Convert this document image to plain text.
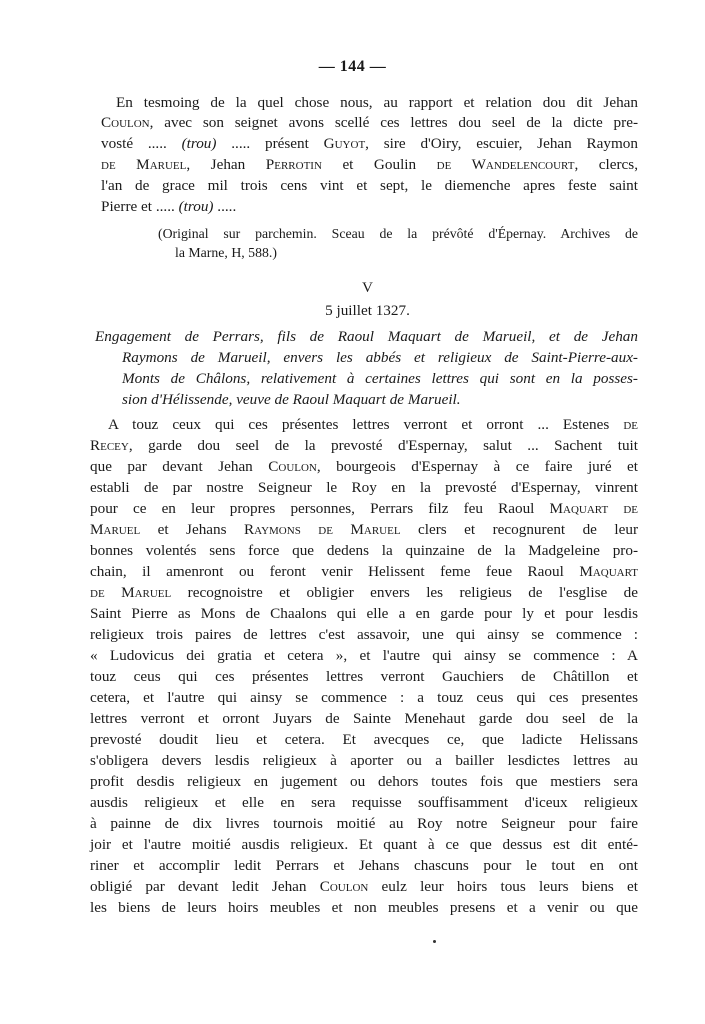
— 144 —
En tesmoing de la quel chose nous, au rapport et relation dou dit Jehan
Coulon, avec son seignet avons scellé ces lettres dou seel de la dicte pre-
vosté ..... (trou) ..... présent Guyot, sire d'Oiry, escuier, Jehan Raymon
de Maruel, Jehan Perrotin et Goulin de Wandelencourt, clercs,
l'an de grace mil trois cens vint et sept, le diemenche apres feste saint
Pierre et ..... (trou) .....
(Original sur parchemin. Sceau de la prévôté d'Épernay. Archives de
la Marne, H, 588.)
V
5 juillet 1327.
Engagement de Perrars, fils de Raoul Maquart de Marueil, et de Jehan
Raymons de Marueil, envers les abbés et religieux de Saint-Pierre-aux-
Monts de Châlons, relativement à certaines lettres qui sont en la posses-
sion d'Hélissende, veuve de Raoul Maquart de Marueil.
A touz ceux qui ces présentes lettres verront et orront ... Estenes de
Recey, garde dou seel de la prevosté d'Espernay, salut ... Sachent tuit
que par devant Jehan Coulon, bourgeois d'Espernay à ce faire juré et
establi de par nostre Seigneur le Roy en la prevosté d'Espernay, vinrent
pour ce en leur propres personnes, Perrars filz feu Raoul Maquart de
Maruel et Jehans Raymons de Maruel clers et recognurent de leur
bonnes volentés sens force que dedens la quinzaine de la Madgeleine pro-
chain, il amenront ou feront venir Helissent feme feue Raoul Maquart
de Maruel recognoistre et obligier envers les religieus de l'esglise de
Saint Pierre as Mons de Chaalons qui elle a en garde pour ly et pour lesdis
religieux trois paires de lettres c'est assavoir, une qui ainsy se commence :
« Ludovicus dei gratia et cetera », et l'autre qui ainsy se commence : A
touz ceus qui ces présentes lettres verront Gauchiers de Châtillon et
cetera, et l'autre qui ainsy se commence : a touz ceus qui ces presentes
lettres verront et orront Juyars de Sainte Menehaut garde dou seel de la
prevosté doudit lieu et cetera. Et avecques ce, que ladicte Helissans
s'obligera devers lesdis religieux à aporter ou a bailler lesdictes lettres au
profit desdis religieux en jugement ou dehors toutes fois que mestiers sera
ausdis religieux et elle en sera requisse souffisamment d'iceux religieux
à painne de dix livres tournois moitié au Roy notre Seigneur pour faire
joir et l'autre moitié ausdis religieux. Et quant à ce que dessus est dit enté-
riner et accomplir ledit Perrars et Jehans chascuns pour le tout en ont
obligié par devant ledit Jehan Coulon eulz leur hoirs tous leurs biens et
les biens de leurs hoirs meubles et non meubles presens et a venir ou que
